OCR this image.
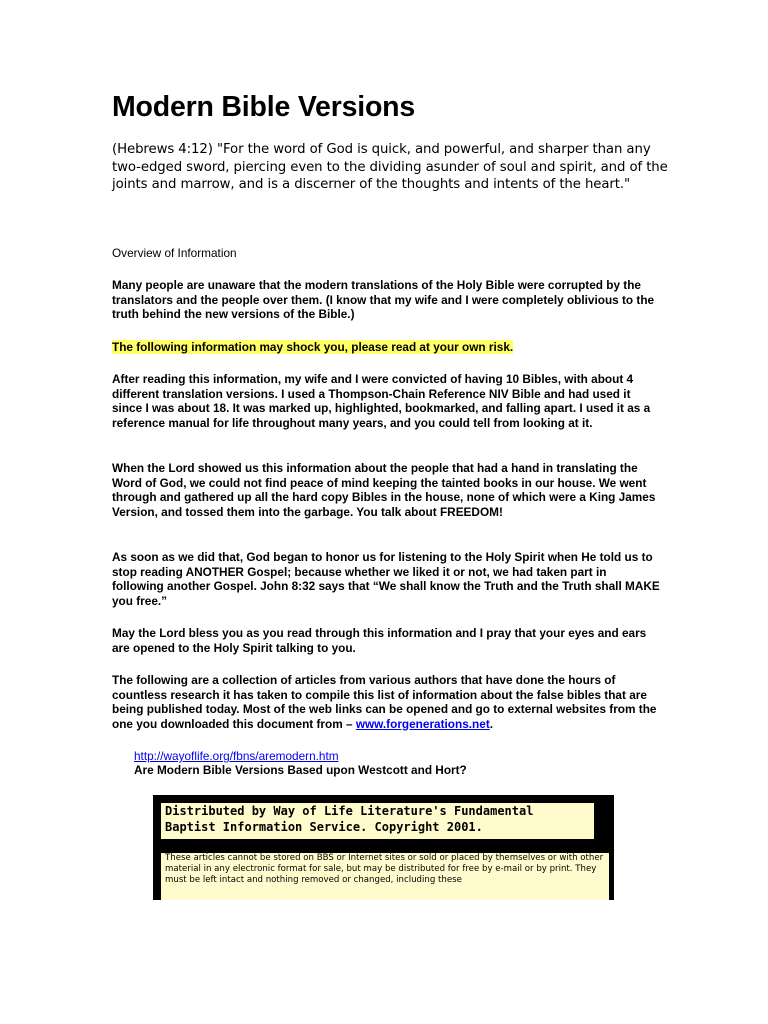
Modern Bible Versions

(Hebrews 4:12) "For the word of God is quick, and powerful, and sharper than any two-edged sword, piercing even to the dividing asunder of soul and spirit, and of the joints and marrow, and is a discerner of the thoughts and intents of the heart."

Overview of Information

Many people are unaware that the modern translations of the Holy Bible were corrupted by the translators and the people over them. (I know that my wife and I were completely oblivious to the truth behind the new versions of the Bible.)

The following information may shock you, please read at your own risk.

After reading this information, my wife and I were convicted of having 10 Bibles, with about 4 different translation versions. I used a Thompson-Chain Reference NIV Bible and had used it since I was about 18. It was marked up, highlighted, bookmarked, and falling apart. I used it as a reference manual for life throughout many years, and you could tell from looking at it.

When the Lord showed us this information about the people that had a hand in translating the Word of God, we could not find peace of mind keeping the tainted books in our house. We went through and gathered up all the hard copy Bibles in the house, none of which were a King James Version, and tossed them into the garbage. You talk about FREEDOM!

As soon as we did that, God began to honor us for listening to the Holy Spirit when He told us to stop reading ANOTHER Gospel; because whether we liked it or not, we had taken part in following another Gospel. John 8:32 says that “We shall know the Truth and the Truth shall MAKE you free.”

May the Lord bless you as you read through this information and I pray that your eyes and ears are opened to the Holy Spirit talking to you.

The following are a collection of articles from various authors that have done the hours of countless research it has taken to compile this list of information about the false bibles that are being published today. Most of the web links can be opened and go to external websites from the one you downloaded this document from – www.forgenerations.net.

http://wayoflife.org/fbns/aremodern.htm

Are Modern Bible Versions Based upon Westcott and Hort?

Distributed by Way of Life Literature's Fundamental Baptist Information Service. Copyright 2001.
These articles cannot be stored on BBS or Internet sites or sold or placed by themselves or with other material in any electronic format for sale, but may be distributed for free by e-mail or by print. They must be left intact and nothing removed or changed, including these
